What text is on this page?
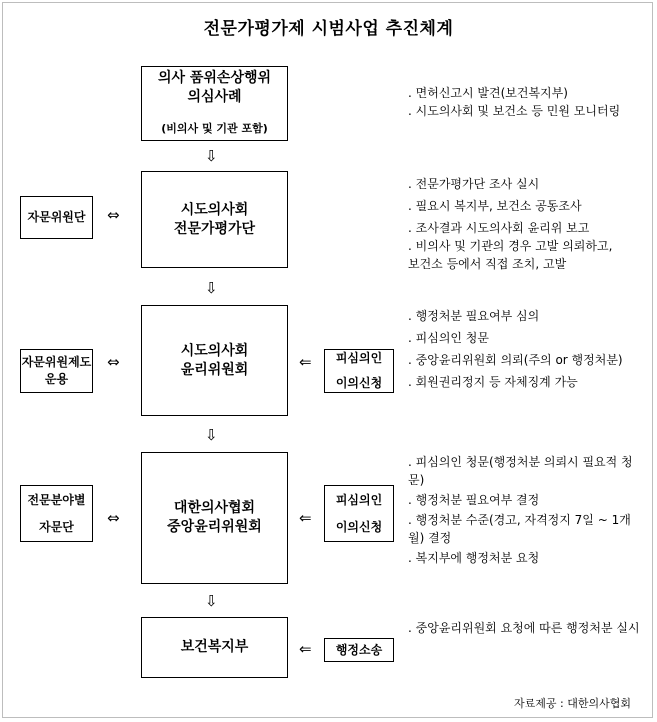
전문가평가제 시범사업 추진체계
의사 품위손상행위
의심사례
(비의사 및 기관 포함)
. 면허신고시 발견(보건복지부)
. 시도의사회 및 보건소 등 민원 모니터링
⇩
시도의사회
전문가평가단
자문위원단 ⇔
. 전문가평가단 조사 실시
. 필요시 복지부, 보건소 공동조사
. 조사결과 시도의사회 윤리위 보고
. 비의사 및 기관의 경우 고발 의뢰하고,
보건소 등에서 직접 조치, 고발
⇩
시도의사회
윤리위원회
자문위원제도
운용
⇔	⇐ 피심의인
이의신청
. 행정처분 필요여부 심의
. 피심의인 청문
. 중앙윤리위원회 의뢰(주의 or 행정처분)
. 회원권리정지 등 자체징계 가능
⇩
대한의사협회
중앙윤리위원회
전문분야별
자문단 ⇔	⇐
피심의인
이의신청
. 피심의인 청문(행정처분 의뢰시 필요적 청문)
. 행정처분 필요여부 결정
. 행정처분 수준(경고, 자격정지 7일 ~ 1개월) 결정
. 복지부에 행정처분 요청
⇩
보건복지부	⇐ 행정소송
. 중앙윤리위원회 요청에 따른 행정처분 실시
자료제공 : 대한의사협회
